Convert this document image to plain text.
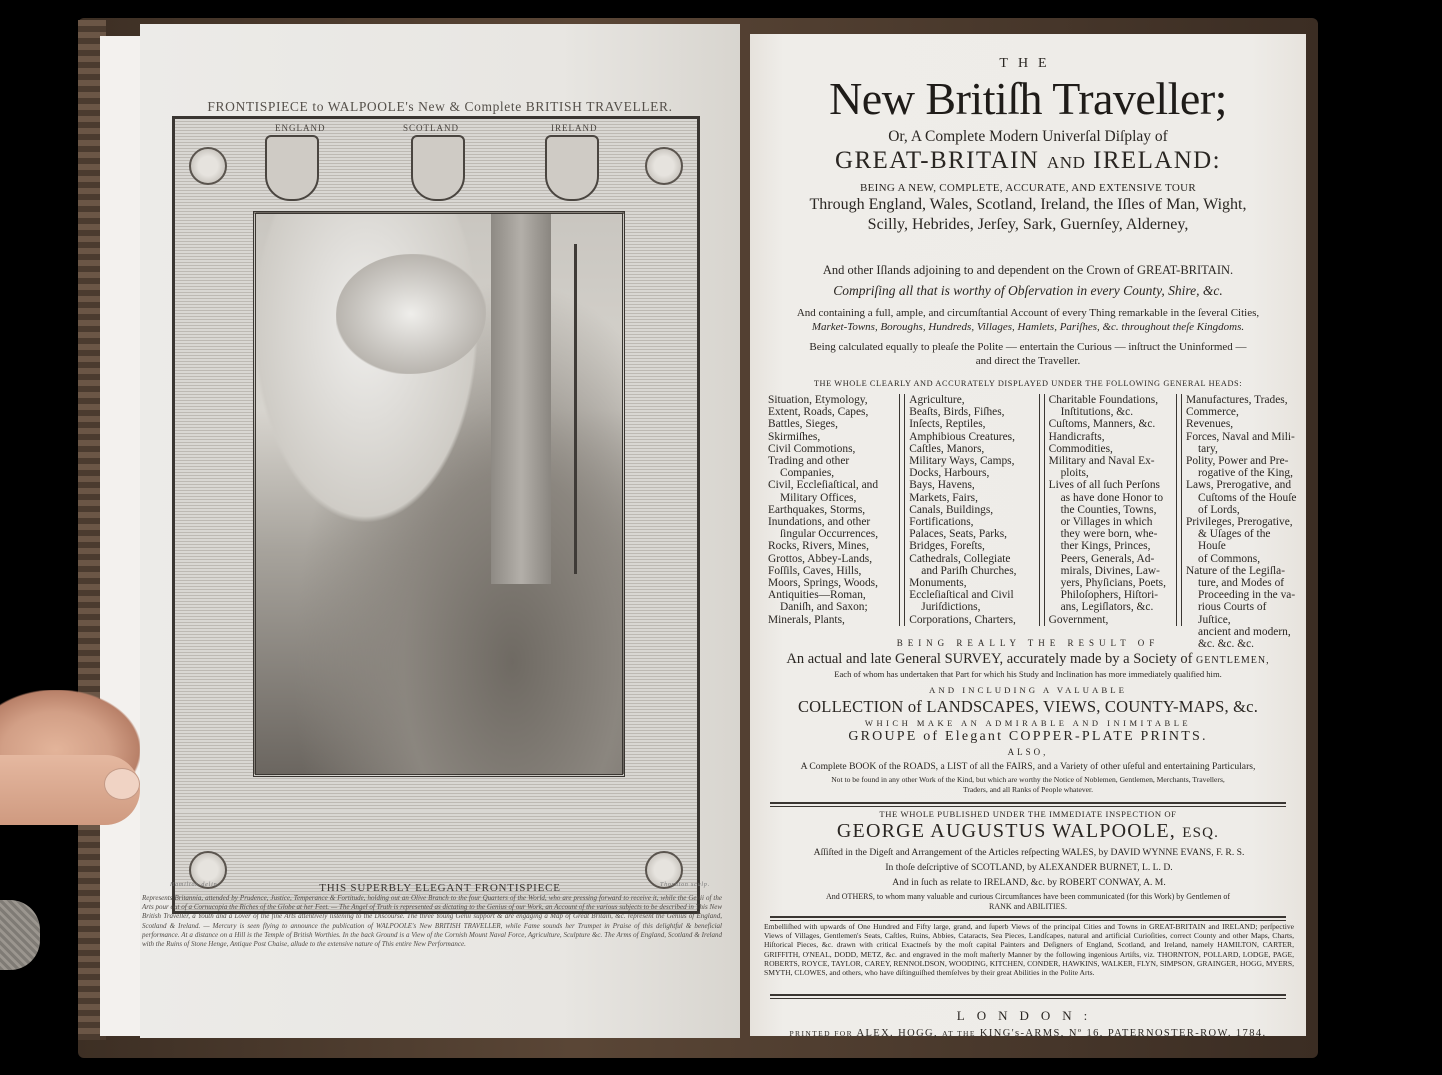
FRONTISPIECE to WALPOOLE's New & Complete BRITISH TRAVELLER.
ENGLAND	SCOTLAND	IRELAND
Hamilton delin.	THIS SUPERBLY ELEGANT FRONTISPIECE	Thornton sculp.
Represents Britannia, attended by Prudence, Justice, Temperance & Fortitude, holding out an Olive Branch to the four Quarters of the World, who are pressing forward to receive it, while the Genii of the Arts pour out of a Cornucopia the Riches of the Globe at her Feet. — The Angel of Truth is represented as dictating to the Genius of our Work, an Account of the various subjects to be described in This New British Traveller, a Youth and a Lover of the fine Arts attentively listening to the Discourse. The three Young Genii support & are engaging a Map of Great Britain, &c. represent the Genius of England, Scotland & Ireland. — Mercury is seen flying to announce the publication of WALPOOLE's New BRITISH TRAVELLER, while Fame sounds her Trumpet in Praise of this delightful & beneficial performance. At a distance on a Hill is the Temple of British Worthies. In the back Ground is a View of the Cornish Mount Naval Force, Agriculture, Sculpture &c. The Arms of England, Scotland & Ireland with the Ruins of Stone Henge, Antique Post Chaise, allude to the extensive nature of This entire New Performance.
THE
New Britiſh Traveller;
Or, A Complete Modern Univerſal Diſplay of
GREAT-BRITAIN AND IRELAND:
BEING A NEW, COMPLETE, ACCURATE, AND EXTENSIVE TOUR
Through England, Wales, Scotland, Ireland, the Iſles of Man, Wight,
Scilly, Hebrides, Jerſey, Sark, Guernſey, Alderney,
And other Iſlands adjoining to and dependent on the Crown of GREAT-BRITAIN.
Compriſing all that is worthy of Obſervation in every County, Shire, &c.
And containing a full, ample, and circumſtantial Account of every Thing remarkable in the ſeveral Cities,
Market-Towns, Boroughs, Hundreds, Villages, Hamlets, Pariſhes, &c. throughout theſe Kingdoms.
Being calculated equally to pleaſe the Polite — entertain the Curious — inſtruct the Uninformed —
and direct the Traveller.
THE WHOLE CLEARLY AND ACCURATELY DISPLAYED UNDER THE FOLLOWING GENERAL HEADS:
Situation, Etymology,
Extent, Roads, Capes,
Battles, Sieges,
Skirmiſhes,
Civil Commotions,
Trading and other
Companies,
Civil, Eccleſiaſtical, and
Military Offices,
Earthquakes, Storms,
Inundations, and other
ſingular Occurrences,
Rocks, Rivers, Mines,
Grottos, Abbey-Lands,
Foſſils, Caves, Hills,
Moors, Springs, Woods,
Antiquities—Roman,
Daniſh, and Saxon;
Minerals, Plants,
Agriculture,
Beaſts, Birds, Fiſhes,
Inſects, Reptiles,
Amphibious Creatures,
Caſtles, Manors,
Military Ways, Camps,
Docks, Harbours,
Bays, Havens,
Markets, Fairs,
Canals, Buildings,
Fortifications,
Palaces, Seats, Parks,
Bridges, Foreſts,
Cathedrals, Collegiate
and Pariſh Churches,
Monuments,
Eccleſiaſtical and Civil
Juriſdictions,
Corporations, Charters,
Charitable Foundations,
Inſtitutions, &c.
Cuſtoms, Manners, &c.
Handicrafts,
Commodities,
Military and Naval Ex-
ploits,
Lives of all ſuch Perſons
as have done Honor to
the Counties, Towns,
or Villages in which
they were born, whe-
ther Kings, Princes,
Peers, Generals, Ad-
mirals, Divines, Law-
yers, Phyſicians, Poets,
Philoſophers, Hiſtori-
ans, Legiſlators, &c.
Government,
Manufactures, Trades,
Commerce,
Revenues,
Forces, Naval and Mili-
tary,
Polity, Power and Pre-
rogative of the King,
Laws, Prerogative, and
Cuſtoms of the Houſe
of Lords,
Privileges, Prerogative,
& Uſages of the Houſe
of Commons,
Nature of the Legiſla-
ture, and Modes of
Proceeding in the va-
rious Courts of Juſtice,
ancient and modern,
&c. &c. &c.
BEING REALLY THE RESULT OF
An actual and late General SURVEY, accurately made by a Society of GENTLEMEN,
Each of whom has undertaken that Part for which his Study and Inclination has more immediately qualified him.
AND INCLUDING A VALUABLE
COLLECTION of LANDSCAPES, VIEWS, COUNTY-MAPS, &c.
WHICH MAKE AN ADMIRABLE AND INIMITABLE
GROUPE of Elegant COPPER-PLATE PRINTS.
ALSO,
A Complete BOOK of the ROADS, a LIST of all the FAIRS, and a Variety of other uſeful and entertaining Particulars,
Not to be found in any other Work of the Kind, but which are worthy the Notice of Noblemen, Gentlemen, Merchants, Travellers,
Traders, and all Ranks of People whatever.
THE WHOLE PUBLISHED UNDER THE IMMEDIATE INSPECTION OF
GEORGE AUGUSTUS WALPOOLE, ESQ.
Aſſiſted in the Digeſt and Arrangement of the Articles reſpecting WALES, by DAVID WYNNE EVANS, F. R. S.
In thoſe deſcriptive of SCOTLAND, by ALEXANDER BURNET, L. L. D.
And in ſuch as relate to IRELAND, &c. by ROBERT CONWAY, A. M.
And OTHERS, to whom many valuable and curious Circumſtances have been communicated (for this Work) by Gentlemen of
RANK and ABILITIES.
Embelliſhed with upwards of One Hundred and Fifty large, grand, and ſuperb Views of the principal Cities and Towns in GREAT-BRITAIN and IRELAND; perſpective Views of Villages, Gentlemen's Seats, Caſtles, Ruins, Abbies, Cataracts, Sea Pieces, Landſcapes, natural and artificial Curioſities, correct County and other Maps, Charts, Hiſtorical Pieces, &c. drawn with critical Exactneſs by the moſt capital Painters and Deſigners of England, Scotland, and Ireland, namely HAMILTON, CARTER, GRIFFITH, O'NEAL, DODD, METZ, &c. and engraved in the moſt maſterly Manner by the following ingenious Artiſts, viz. THORNTON, POLLARD, LODGE, PAGE, ROBERTS, ROYCE, TAYLOR, CAREY, RENNOLDSON, WOODING, KITCHEN, CONDER, HAWKINS, WALKER, FLYN, SIMPSON, GRAINGER, HOGG, MYERS, SMYTH, CLOWES, and others, who have diſtinguiſhed themſelves by their great Abilities in the Polite Arts.
LONDON:
PRINTED FOR ALEX. HOGG, AT THE KING's-ARMS, Nº 16, PATERNOSTER-ROW. 1784.
